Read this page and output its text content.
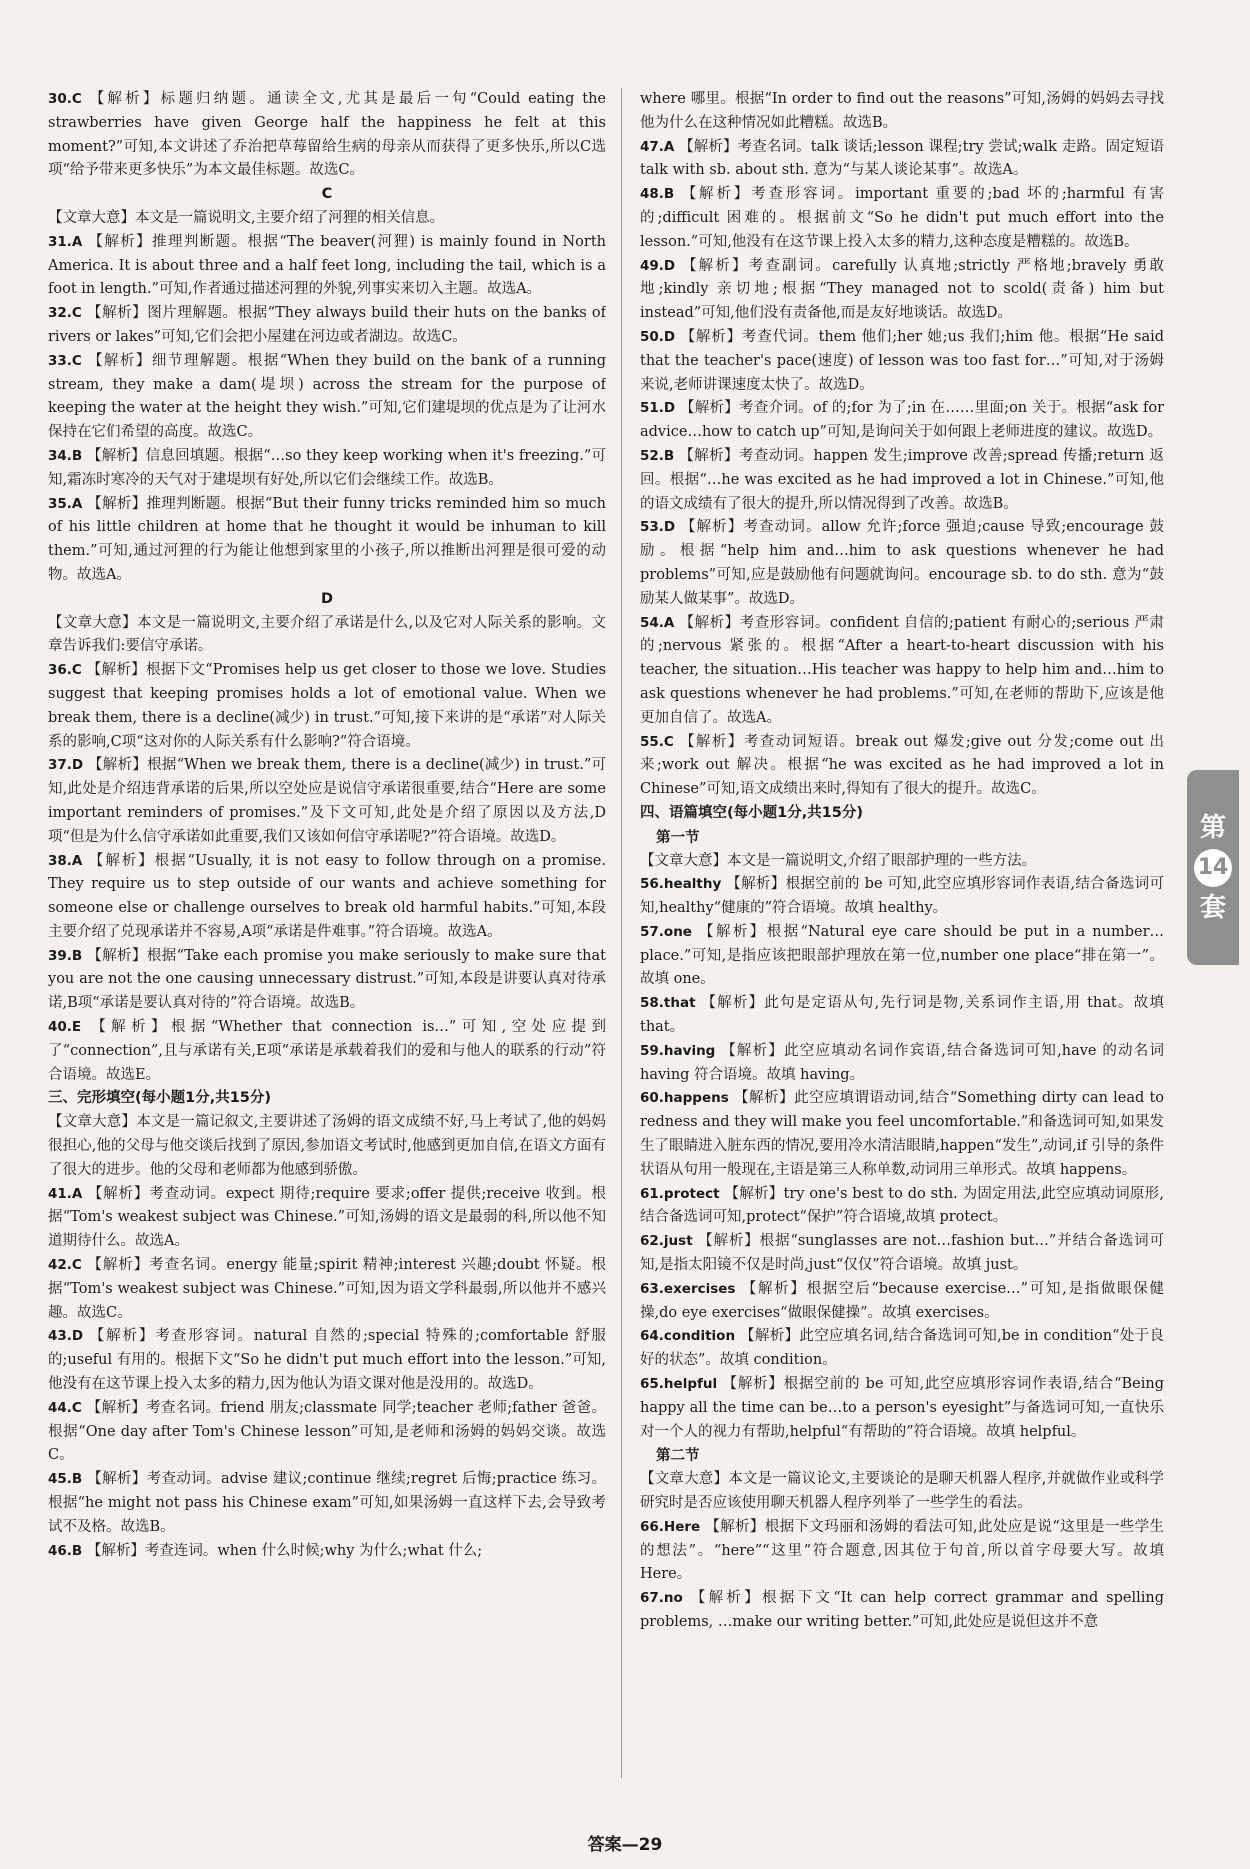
30.C 【解析】标题归纳题。通读全文,尤其是最后一句“Could eating the strawberries have given George half the happiness he felt at this moment?”可知,本文讲述了乔治把草莓留给生病的母亲从而获得了更多快乐,所以C选项“给予带来更多快乐”为本文最佳标题。故选C。

C

【文章大意】本文是一篇说明文,主要介绍了河狸的相关信息。

31.A 【解析】推理判断题。根据“The beaver(河狸) is mainly found in North America. It is about three and a half feet long, including the tail, which is a foot in length.”可知,作者通过描述河狸的外貌,列事实来切入主题。故选A。

32.C 【解析】图片理解题。根据“They always build their huts on the banks of rivers or lakes”可知,它们会把小屋建在河边或者湖边。故选C。

33.C 【解析】细节理解题。根据“When they build on the bank of a running stream, they make a dam(堤坝) across the stream for the purpose of keeping the water at the height they wish.”可知,它们建堤坝的优点是为了让河水保持在它们希望的高度。故选C。

34.B 【解析】信息回填题。根据“…so they keep working when it's freezing.”可知,霜冻时寒冷的天气对于建堤坝有好处,所以它们会继续工作。故选B。

35.A 【解析】推理判断题。根据“But their funny tricks reminded him so much of his little children at home that he thought it would be inhuman to kill them.”可知,通过河狸的行为能让他想到家里的小孩子,所以推断出河狸是很可爱的动物。故选A。

D

【文章大意】本文是一篇说明文,主要介绍了承诺是什么,以及它对人际关系的影响。文章告诉我们:要信守承诺。

36.C 【解析】根据下文“Promises help us get closer to those we love. Studies suggest that keeping promises holds a lot of emotional value. When we break them, there is a decline(减少) in trust.”可知,接下来讲的是“承诺”对人际关系的影响,C项“这对你的人际关系有什么影响?”符合语境。

37.D 【解析】根据“When we break them, there is a decline(减少) in trust.”可知,此处是介绍违背承诺的后果,所以空处应是说信守承诺很重要,结合“Here are some important reminders of promises.”及下文可知,此处是介绍了原因以及方法,D项“但是为什么信守承诺如此重要,我们又该如何信守承诺呢?”符合语境。故选D。

38.A 【解析】根据“Usually, it is not easy to follow through on a promise. They require us to step outside of our wants and achieve something for someone else or challenge ourselves to break old harmful habits.”可知,本段主要介绍了兑现承诺并不容易,A项“承诺是件难事。”符合语境。故选A。

39.B 【解析】根据“Take each promise you make seriously to make sure that you are not the one causing unnecessary distrust.”可知,本段是讲要认真对待承诺,B项“承诺是要认真对待的”符合语境。故选B。

40.E 【解析】根据“Whether that connection is…”可知,空处应提到了“connection”,且与承诺有关,E项“承诺是承载着我们的爱和与他人的联系的行动”符合语境。故选E。

三、完形填空(每小题1分,共15分)

【文章大意】本文是一篇记叙文,主要讲述了汤姆的语文成绩不好,马上考试了,他的妈妈很担心,他的父母与他交谈后找到了原因,参加语文考试时,他感到更加自信,在语文方面有了很大的进步。他的父母和老师都为他感到骄傲。

41.A 【解析】考查动词。expect 期待;require 要求;offer 提供;receive 收到。根据“Tom's weakest subject was Chinese.”可知,汤姆的语文是最弱的科,所以他不知道期待什么。故选A。

42.C 【解析】考查名词。energy 能量;spirit 精神;interest 兴趣;doubt 怀疑。根据“Tom's weakest subject was Chinese.”可知,因为语文学科最弱,所以他并不感兴趣。故选C。

43.D 【解析】考查形容词。natural 自然的;special 特殊的;comfortable 舒服的;useful 有用的。根据下文“So he didn't put much effort into the lesson.”可知,他没有在这节课上投入太多的精力,因为他认为语文课对他是没用的。故选D。

44.C 【解析】考查名词。friend 朋友;classmate 同学;teacher 老师;father 爸爸。根据“One day after Tom's Chinese lesson”可知,是老师和汤姆的妈妈交谈。故选C。

45.B 【解析】考查动词。advise 建议;continue 继续;regret 后悔;practice 练习。根据“he might not pass his Chinese exam”可知,如果汤姆一直这样下去,会导致考试不及格。故选B。

46.B 【解析】考查连词。when 什么时候;why 为什么;what 什么;

where 哪里。根据“In order to find out the reasons”可知,汤姆的妈妈去寻找他为什么在这种情况如此糟糕。故选B。

47.A 【解析】考查名词。talk 谈话;lesson 课程;try 尝试;walk 走路。固定短语 talk with sb. about sth. 意为“与某人谈论某事”。故选A。

48.B 【解析】考查形容词。important 重要的;bad 坏的;harmful 有害的;difficult 困难的。根据前文“So he didn't put much effort into the lesson.”可知,他没有在这节课上投入太多的精力,这种态度是糟糕的。故选B。

49.D 【解析】考查副词。carefully 认真地;strictly 严格地;bravely 勇敢地;kindly 亲切地;根据“They managed not to scold(责备) him but instead”可知,他们没有责备他,而是友好地谈话。故选D。

50.D 【解析】考查代词。them 他们;her 她;us 我们;him 他。根据“He said that the teacher's pace(速度) of lesson was too fast for…”可知,对于汤姆来说,老师讲课速度太快了。故选D。

51.D 【解析】考查介词。of 的;for 为了;in 在……里面;on 关于。根据“ask for advice…how to catch up”可知,是询问关于如何跟上老师进度的建议。故选D。

52.B 【解析】考查动词。happen 发生;improve 改善;spread 传播;return 返回。根据“…he was excited as he had improved a lot in Chinese.”可知,他的语文成绩有了很大的提升,所以情况得到了改善。故选B。

53.D 【解析】考查动词。allow 允许;force 强迫;cause 导致;encourage 鼓励。根据“help him and…him to ask questions whenever he had problems”可知,应是鼓励他有问题就询问。encourage sb. to do sth. 意为“鼓励某人做某事”。故选D。

54.A 【解析】考查形容词。confident 自信的;patient 有耐心的;serious 严肃的;nervous 紧张的。根据“After a heart-to-heart discussion with his teacher, the situation…His teacher was happy to help him and…him to ask questions whenever he had problems.”可知,在老师的帮助下,应该是他更加自信了。故选A。

55.C 【解析】考查动词短语。break out 爆发;give out 分发;come out 出来;work out 解决。根据“he was excited as he had improved a lot in Chinese”可知,语文成绩出来时,得知有了很大的提升。故选C。

四、语篇填空(每小题1分,共15分)

第一节

【文章大意】本文是一篇说明文,介绍了眼部护理的一些方法。

56.healthy 【解析】根据空前的 be 可知,此空应填形容词作表语,结合备选词可知,healthy“健康的”符合语境。故填 healthy。

57.one 【解析】根据“Natural eye care should be put in a number…place.”可知,是指应该把眼部护理放在第一位,number one place“排在第一”。故填 one。

58.that 【解析】此句是定语从句,先行词是物,关系词作主语,用 that。故填 that。

59.having 【解析】此空应填动名词作宾语,结合备选词可知,have 的动名词 having 符合语境。故填 having。

60.happens 【解析】此空应填谓语动词,结合“Something dirty can lead to redness and they will make you feel uncomfortable.”和备选词可知,如果发生了眼睛进入脏东西的情况,要用冷水清洁眼睛,happen“发生”,动词,if 引导的条件状语从句用一般现在,主语是第三人称单数,动词用三单形式。故填 happens。

61.protect 【解析】try one's best to do sth. 为固定用法,此空应填动词原形,结合备选词可知,protect“保护”符合语境,故填 protect。

62.just 【解析】根据“sunglasses are not…fashion but…”并结合备选词可知,是指太阳镜不仅是时尚,just“仅仅”符合语境。故填 just。

63.exercises 【解析】根据空后“because exercise…”可知,是指做眼保健操,do eye exercises“做眼保健操”。故填 exercises。

64.condition 【解析】此空应填名词,结合备选词可知,be in condition“处于良好的状态”。故填 condition。

65.helpful 【解析】根据空前的 be 可知,此空应填形容词作表语,结合“Being happy all the time can be…to a person's eyesight”与备选词可知,一直快乐对一个人的视力有帮助,helpful“有帮助的”符合语境。故填 helpful。

第二节

【文章大意】本文是一篇议论文,主要谈论的是聊天机器人程序,并就做作业或科学研究时是否应该使用聊天机器人程序列举了一些学生的看法。

66.Here 【解析】根据下文玛丽和汤姆的看法可知,此处应是说“这里是一些学生的想法”。“here”“这里”符合题意,因其位于句首,所以首字母要大写。故填 Here。

67.no 【解析】根据下文“It can help correct grammar and spelling problems, …make our writing better.”可知,此处应是说但这并不意

第
14
套
答案—29
